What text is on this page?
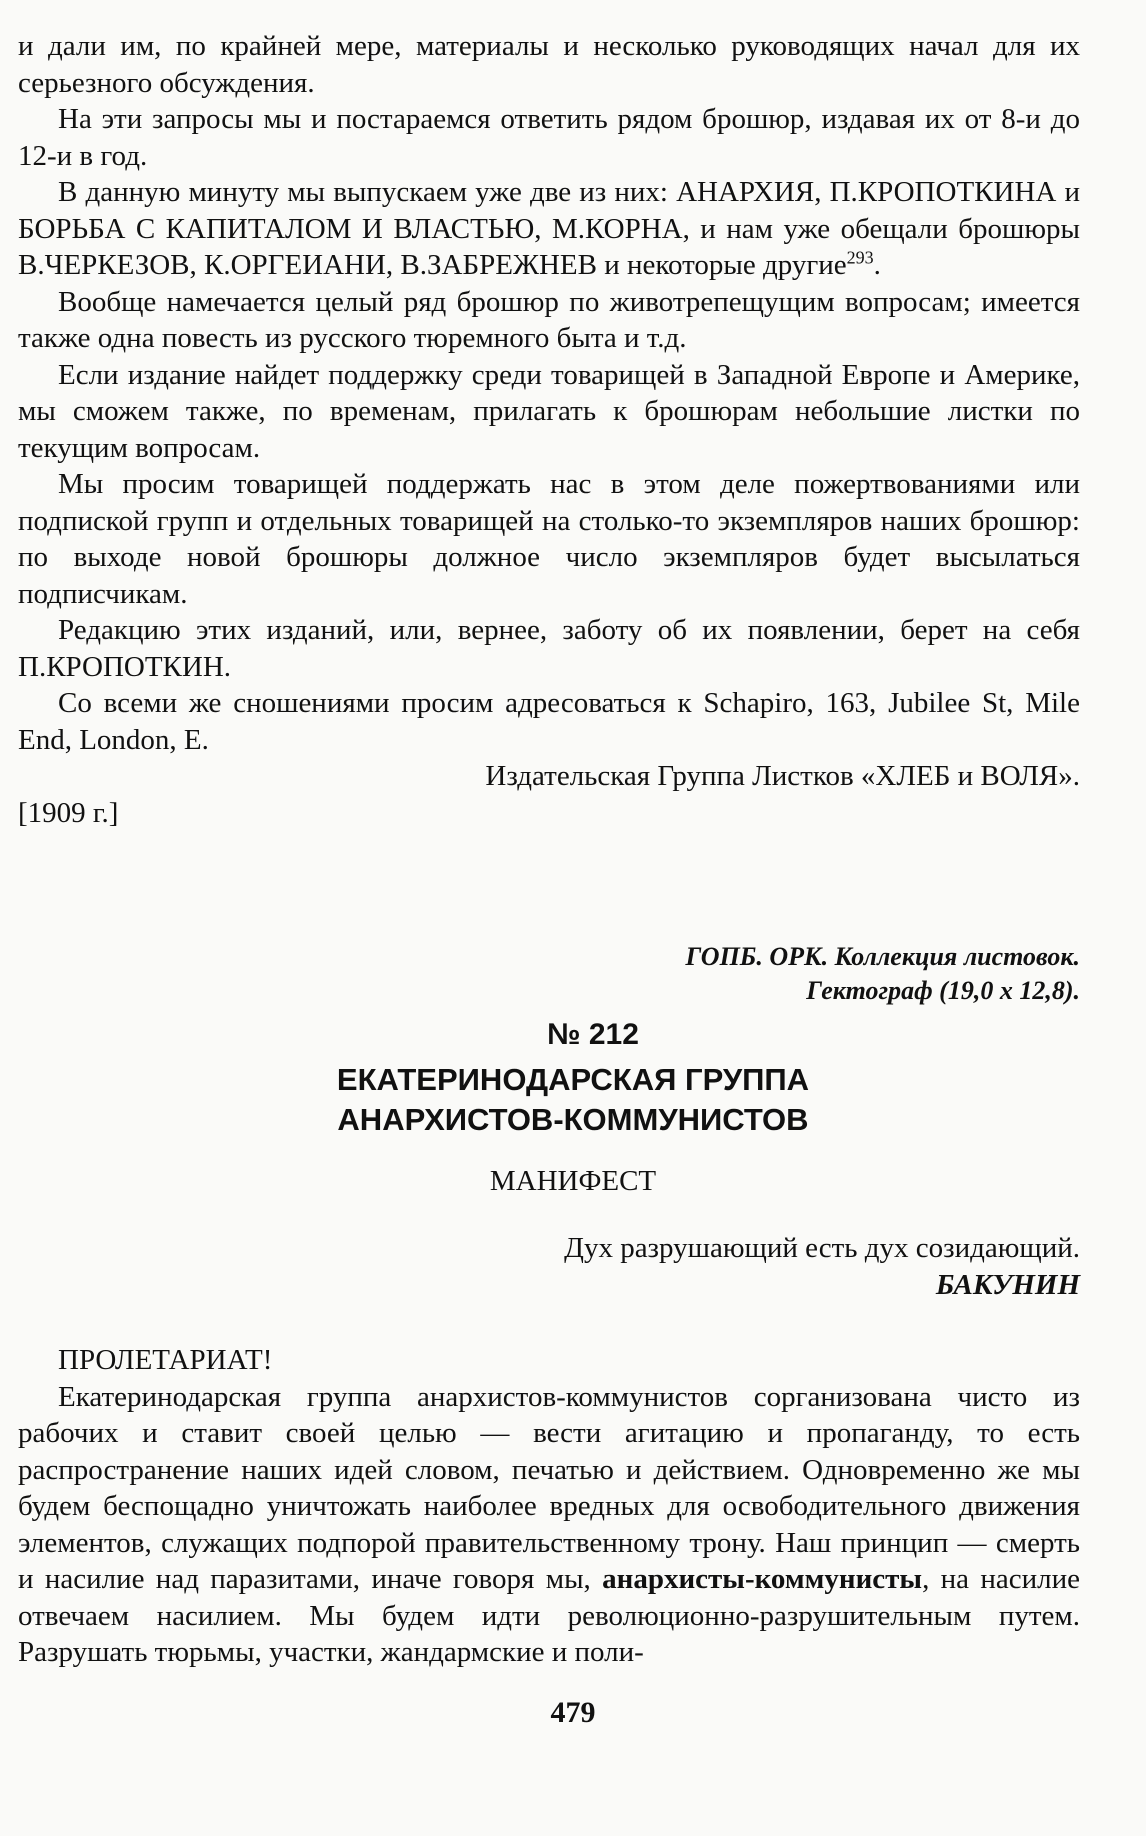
и дали им, по крайней мере, материалы и несколько руководящих начал для их серьезного обсуждения.

На эти запросы мы и постараемся ответить рядом брошюр, издавая их от 8-и до 12-и в год.

В данную минуту мы выпускаем уже две из них: АНАРХИЯ, П.КРОПОТКИНА и БОРЬБА С КАПИТАЛОМ И ВЛАСТЬЮ, М.КОРНА, и нам уже обещали брошюры В.ЧЕРКЕЗОВ, К.ОРГЕИАНИ, В.ЗАБРЕЖНЕВ и некоторые другие$^{293}$.

Вообще намечается целый ряд брошюр по животрепещущим вопросам; имеется также одна повесть из русского тюремного быта и т.д.

Если издание найдет поддержку среди товарищей в Западной Европе и Америке, мы сможем также, по временам, прилагать к брошюрам небольшие листки по текущим вопросам.

Мы просим товарищей поддержать нас в этом деле пожертвованиями или подпиской групп и отдельных товарищей на столько-то экземпляров наших брошюр: по выходе новой брошюры должное число экземпляров будет высылаться подписчикам.

Редакцию этих изданий, или, вернее, заботу об их появлении, берет на себя П.КРОПОТКИН.

Со всеми же сношениями просим адресоваться к Schapiro, 163, Jubilee St, Mile End, London, E.

Издательская Группа Листков «ХЛЕБ и ВОЛЯ».

[1909 г.]

ГОПБ. ОРК. Коллекция листовок.
Гектограф (19,0 х 12,8).
№ 212
ЕКАТЕРИНОДАРСКАЯ ГРУППА
АНАРХИСТОВ-КОММУНИСТОВ
МАНИФЕСТ
Дух разрушающий есть дух созидающий.
БАКУНИН

ПРОЛЕТАРИАТ!

Екатеринодарская группа анархистов-коммунистов сорганизована чисто из рабочих и ставит своей целью — вести агитацию и пропаганду, то есть распространение наших идей словом, печатью и действием. Одновременно же мы будем беспощадно уничтожать наиболее вредных для освободительного движения элементов, служащих подпорой правительственному трону. Наш принцип — смерть и насилие над паразитами, иначе говоря мы, анархисты-коммунисты, на насилие отвечаем насилием. Мы будем идти революционно-разрушительным путем. Разрушать тюрьмы, участки, жандармские и поли-

479
